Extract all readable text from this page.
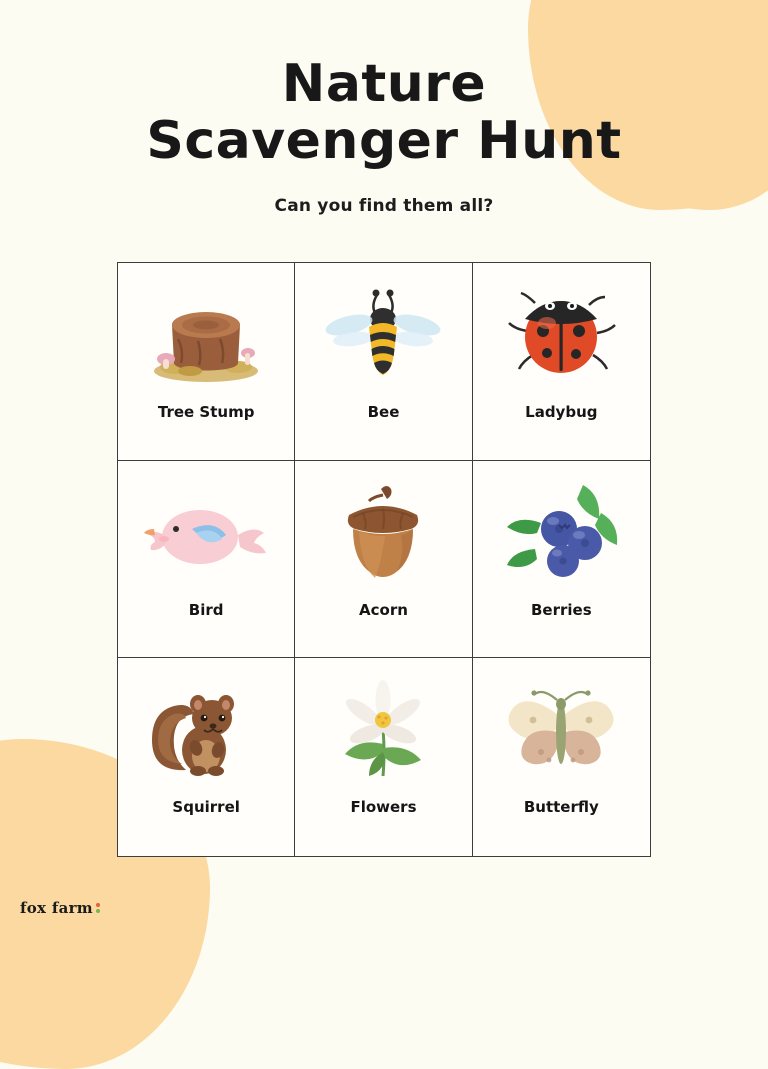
Nature
Scavenger Hunt

Can you find them all?

Tree Stump	Bee	Ladybug
Bird	Acorn	Berries
Squirrel	Flowers	Butterfly
fox farm
